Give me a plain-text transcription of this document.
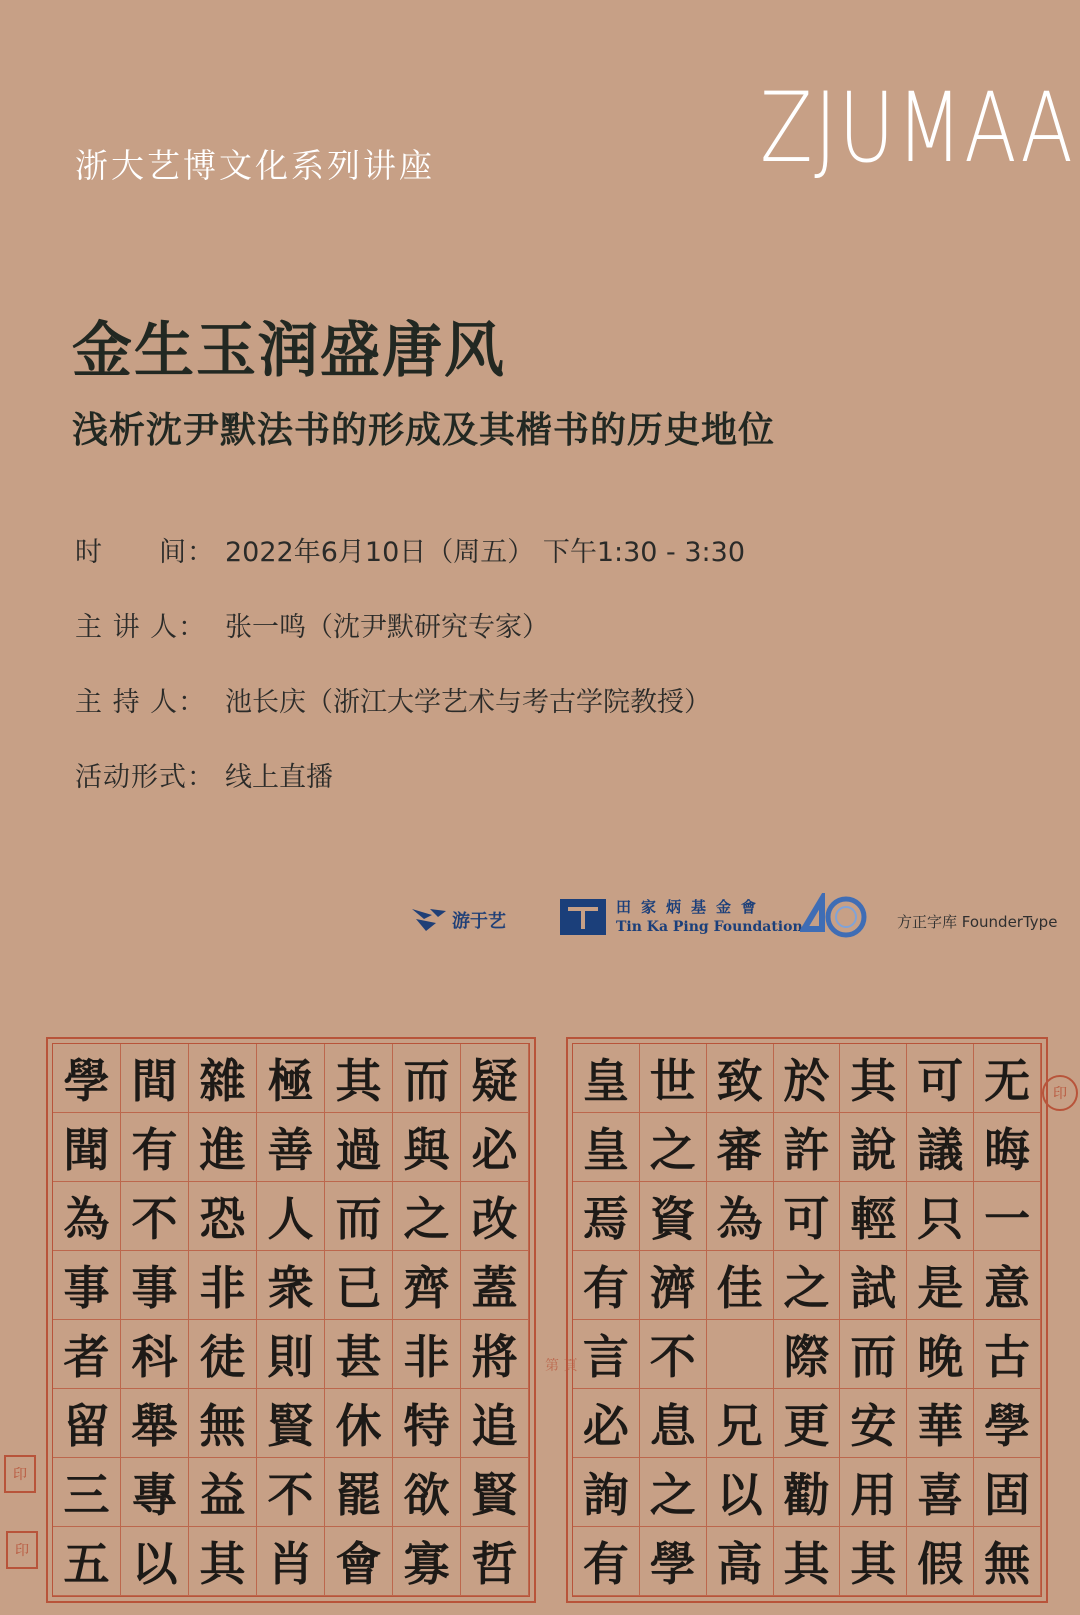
浙大艺博文化系列讲座	ZJUMAA
金生玉润盛唐风
浅析沈尹默法书的形成及其楷书的历史地位
时　　间： 2022年6月10日（周五） 下午1:30 - 3:30
主 讲 人： 张一鸣（沈尹默研究专家）
主 持 人： 池长庆（浙江大学艺术与考古学院教授）
活动形式： 线上直播
游于艺
田家炳基金會
Tin Ka Ping Foundation	方正字库 FounderType
學 間 雜 極 其 而 疑
聞 有 進 善 過 與 必
為 不 恐 人 而 之 改
事 事 非 衆 已 齊 蓋
者 科 徒 則 甚 非 將
留 舉 無 賢 休 特 追
三 專 益 不 罷 欲 賢
五 以 其 肖 會 寡 哲
第 頁
皇 世 致 於 其 可 无
皇 之 審 許 說 議 晦
焉 資 為 可 輕 只 一
有 濟 佳 之 試 是 意
言 不 際 而 晚 古
必 息 兄 更 安 華 學
詢 之 以 勸 用 喜 固
有 學 高 其 其 假 無
印
印
印
